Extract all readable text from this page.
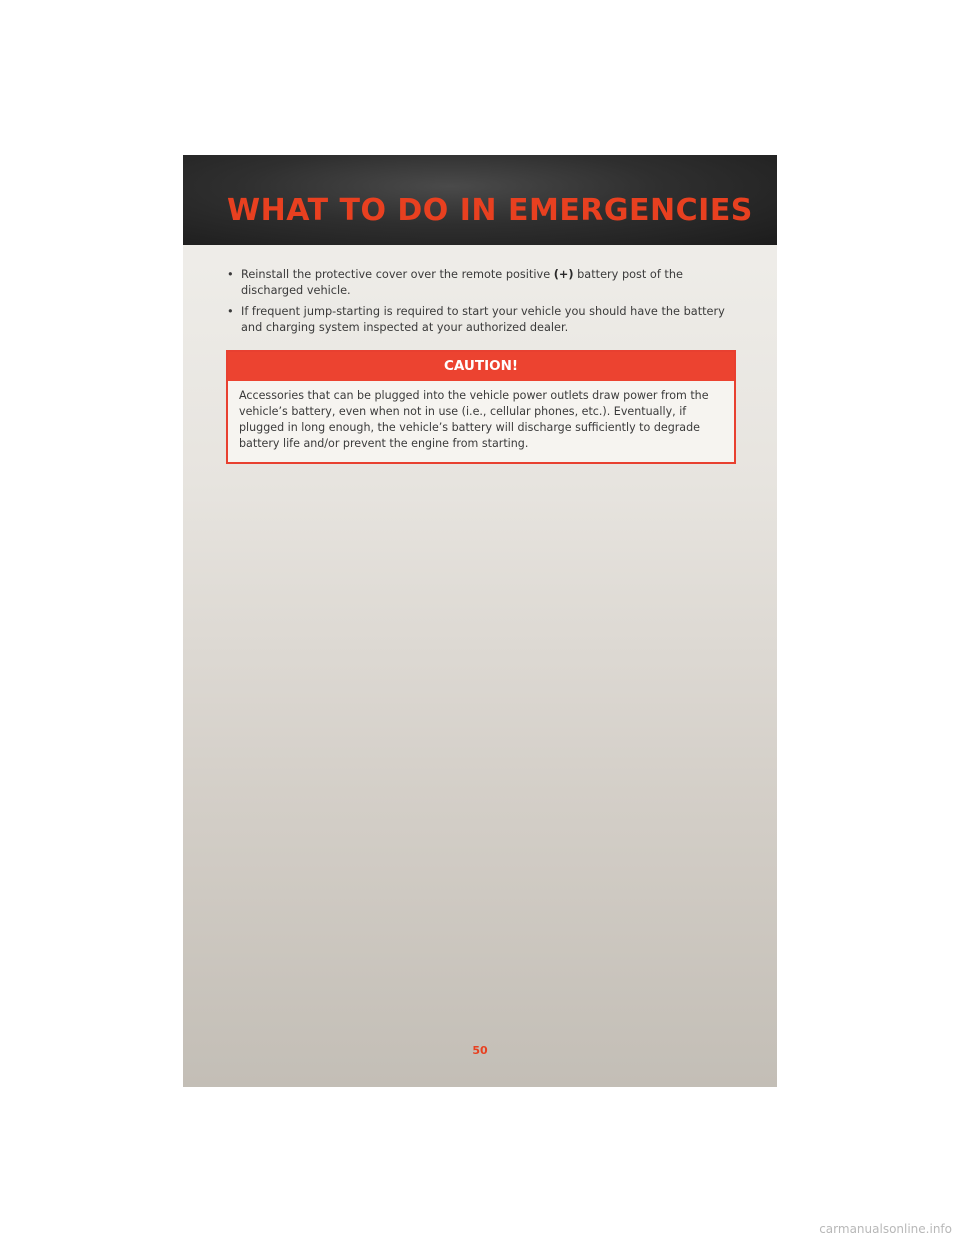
WHAT TO DO IN EMERGENCIES
• Reinstall the protective cover over the remote positive (+) battery post of the discharged vehicle.
• If frequent jump-starting is required to start your vehicle you should have the battery and charging system inspected at your authorized dealer.
CAUTION!
Accessories that can be plugged into the vehicle power outlets draw power from the vehicle’s battery, even when not in use (i.e., cellular phones, etc.). Eventually, if plugged in long enough, the vehicle’s battery will discharge sufficiently to degrade battery life and/or prevent the engine from starting.
50
carmanualsonline.info
